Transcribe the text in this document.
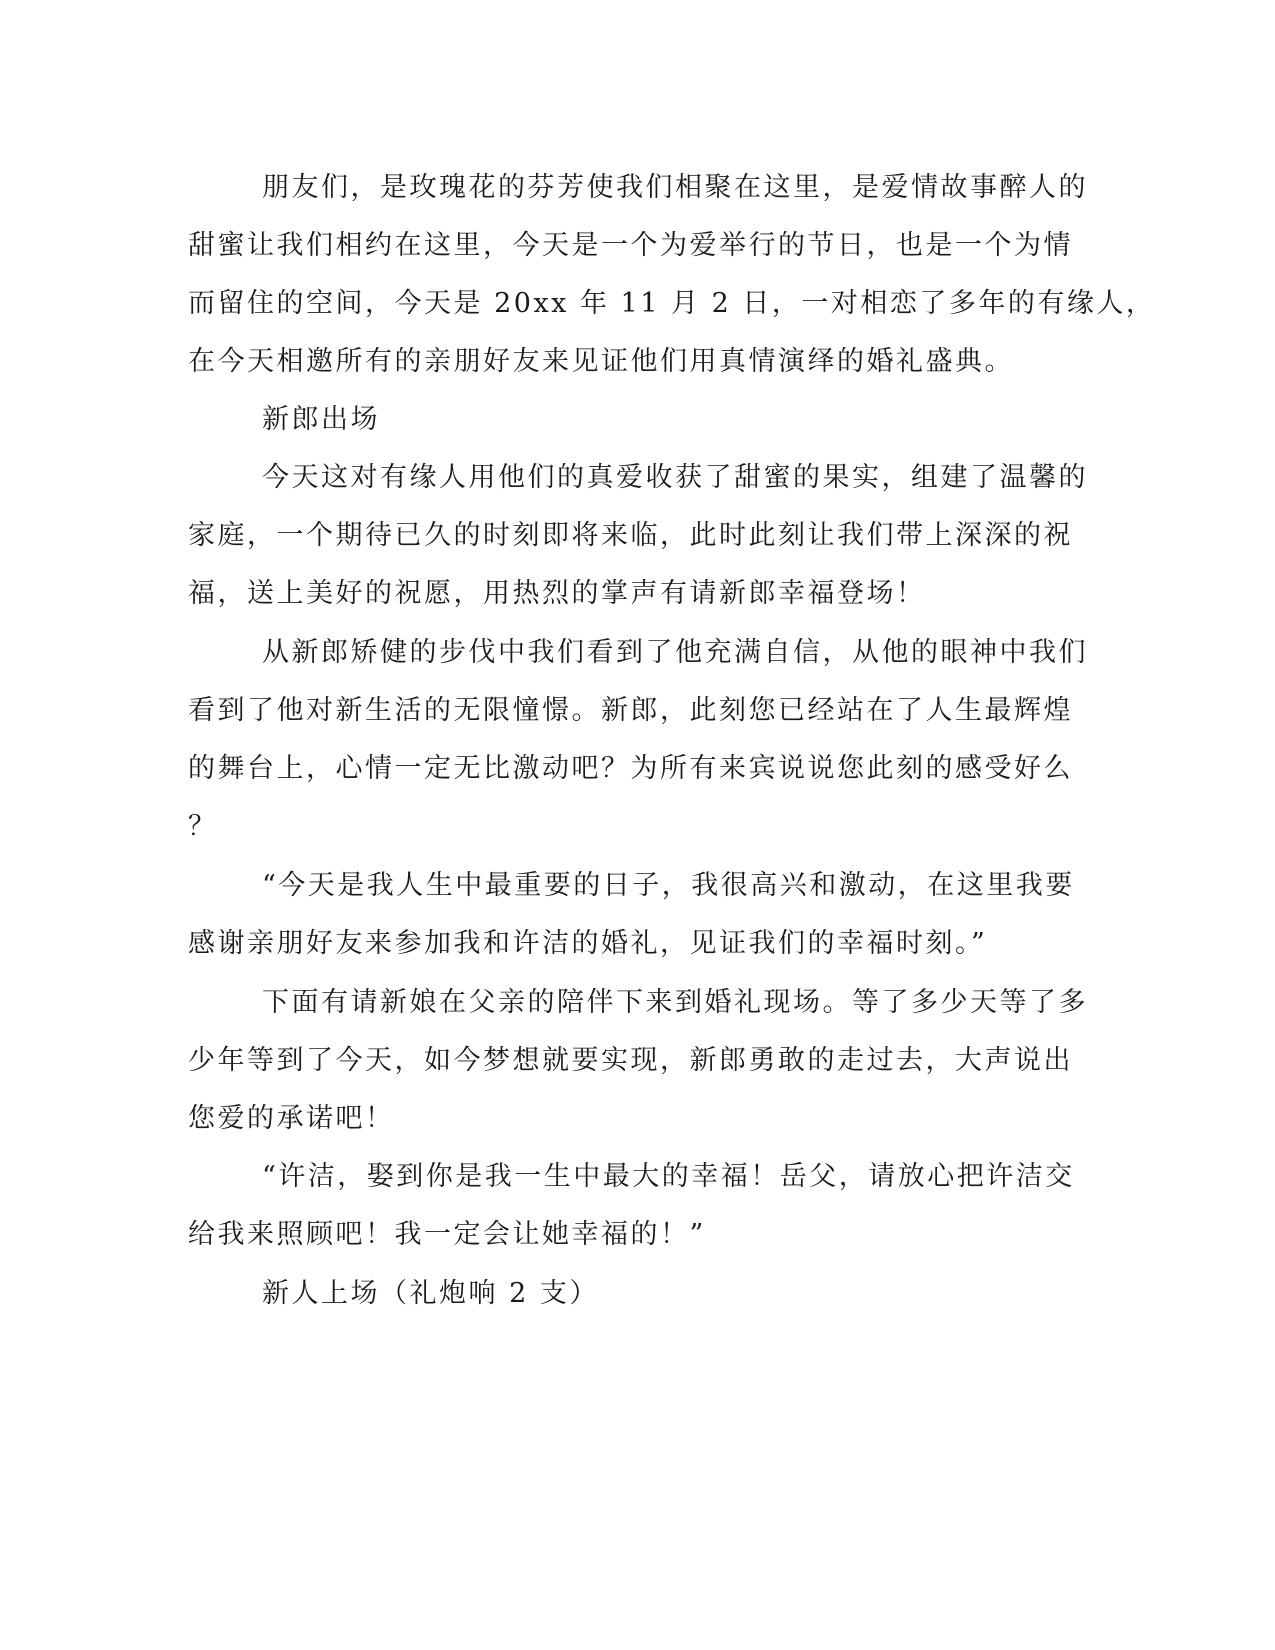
朋友们，是玫瑰花的芬芳使我们相聚在这里，是爱情故事醉人的
甜蜜让我们相约在这里，今天是一个为爱举行的节日，也是一个为情
而留住的空间，今天是 20xx 年 11 月 2 日，一对相恋了多年的有缘人，
在今天相邀所有的亲朋好友来见证他们用真情演绎的婚礼盛典。
新郎出场
今天这对有缘人用他们的真爱收获了甜蜜的果实，组建了温馨的
家庭，一个期待已久的时刻即将来临，此时此刻让我们带上深深的祝
福，送上美好的祝愿，用热烈的掌声有请新郎幸福登场！
从新郎矫健的步伐中我们看到了他充满自信，从他的眼神中我们
看到了他对新生活的无限憧憬。新郎，此刻您已经站在了人生最辉煌
的舞台上，心情一定无比激动吧？为所有来宾说说您此刻的感受好么
？
“今天是我人生中最重要的日子，我很高兴和激动，在这里我要
感谢亲朋好友来参加我和许洁的婚礼，见证我们的幸福时刻。”
下面有请新娘在父亲的陪伴下来到婚礼现场。等了多少天等了多
少年等到了今天，如今梦想就要实现，新郎勇敢的走过去，大声说出
您爱的承诺吧！
“许洁，娶到你是我一生中最大的幸福！岳父，请放心把许洁交
给我来照顾吧！我一定会让她幸福的！”
新人上场（礼炮响 2 支）
